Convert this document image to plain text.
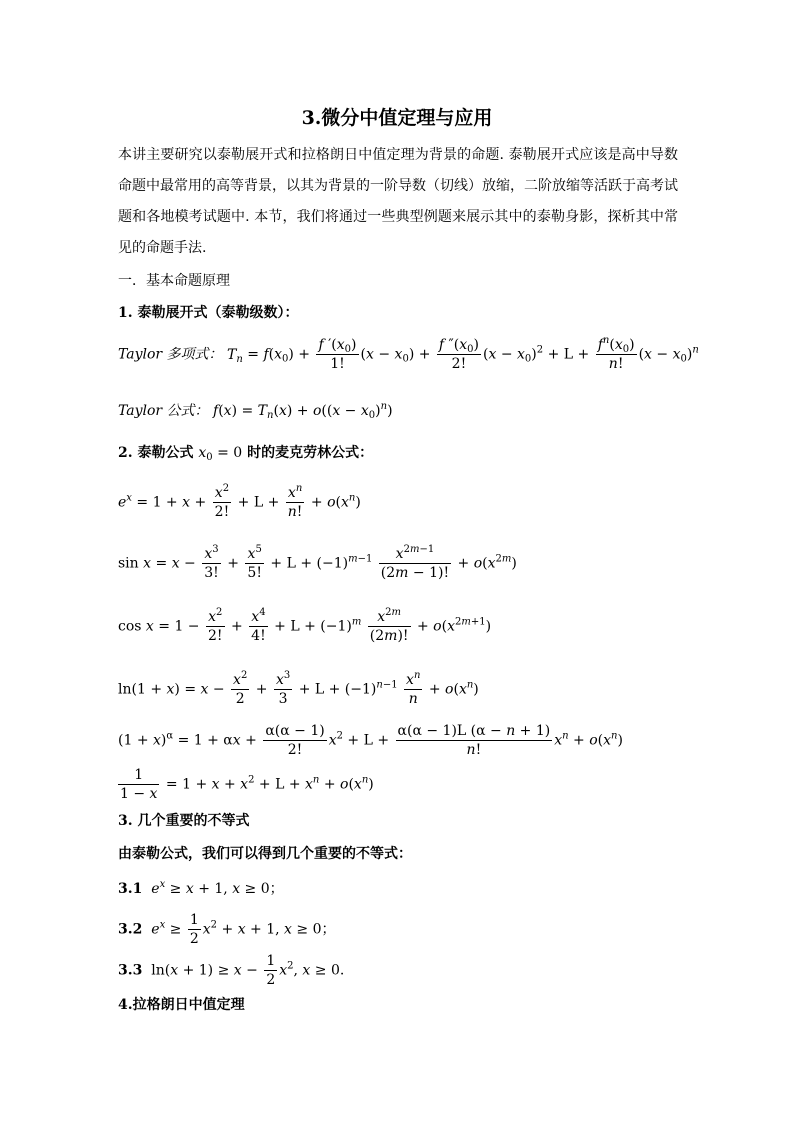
3.微分中值定理与应用
本讲主要研究以泰勒展开式和拉格朗日中值定理为背景的命题. 泰勒展开式应该是高中导数命题中最常用的高等背景，以其为背景的一阶导数（切线）放缩，二阶放缩等活跃于高考试题和各地模考试题中. 本节，我们将通过一些典型例题来展示其中的泰勒身影，探析其中常见的命题手法.
一．基本命题原理
1. 泰勒展开式（泰勒级数）：
Taylor 多项式： $T_n = f(x_0) + \frac{f '(x_0)}{1!} (x - x_0) + \frac{f ''(x_0)}{2!} (x - x_0)^2 + L + \frac{f^n(x_0)}{n!} (x - x_0)^n$
Taylor 公式： $f(x) = T_n(x) + o((x - x_0)^n)$
2. 泰勒公式 $x_0 = 0$ 时的麦克劳林公式：
$e^x = 1 + x + \frac{x^2}{2!} + L + \frac{x^n}{n!} + o(x^n)$
$\sin x = x - \frac{x^3}{3!} + \frac{x^5}{5!} + L + (-1)^{m-1} \frac{x^{2m-1}}{(2m - 1)!} + o(x^{2m})$
$\cos x = 1 - \frac{x^2}{2!} + \frac{x^4}{4!} + L + (-1)^m \frac{x^{2m}}{(2m)!} + o(x^{2m+1})$
$\ln(1 + x) = x - \frac{x^2}{2} + \frac{x^3}{3} + L + (-1)^{n-1} \frac{x^n}{n} + o(x^n)$
$(1 + x)^\alpha = 1 + \alpha x + \frac{\alpha(\alpha - 1)}{2!} x^2 + L + \frac{\alpha(\alpha - 1)L (\alpha - n + 1)}{n!} x^n + o(x^n)$
$\frac{1}{1 - x} = 1 + x + x^2 + L + x^n + o(x^n)$
3. 几个重要的不等式
由泰勒公式，我们可以得到几个重要的不等式：
3.1 $e^x \ge x + 1$, x ≥ 0；
3.2 $e^x \ge \frac{1}{2} x^2 + x + 1$, x ≥ 0；
3.3  $\ln(x + 1) \ge x - \frac{1}{2} x^2$, x ≥ 0.
4.拉格朗日中值定理
